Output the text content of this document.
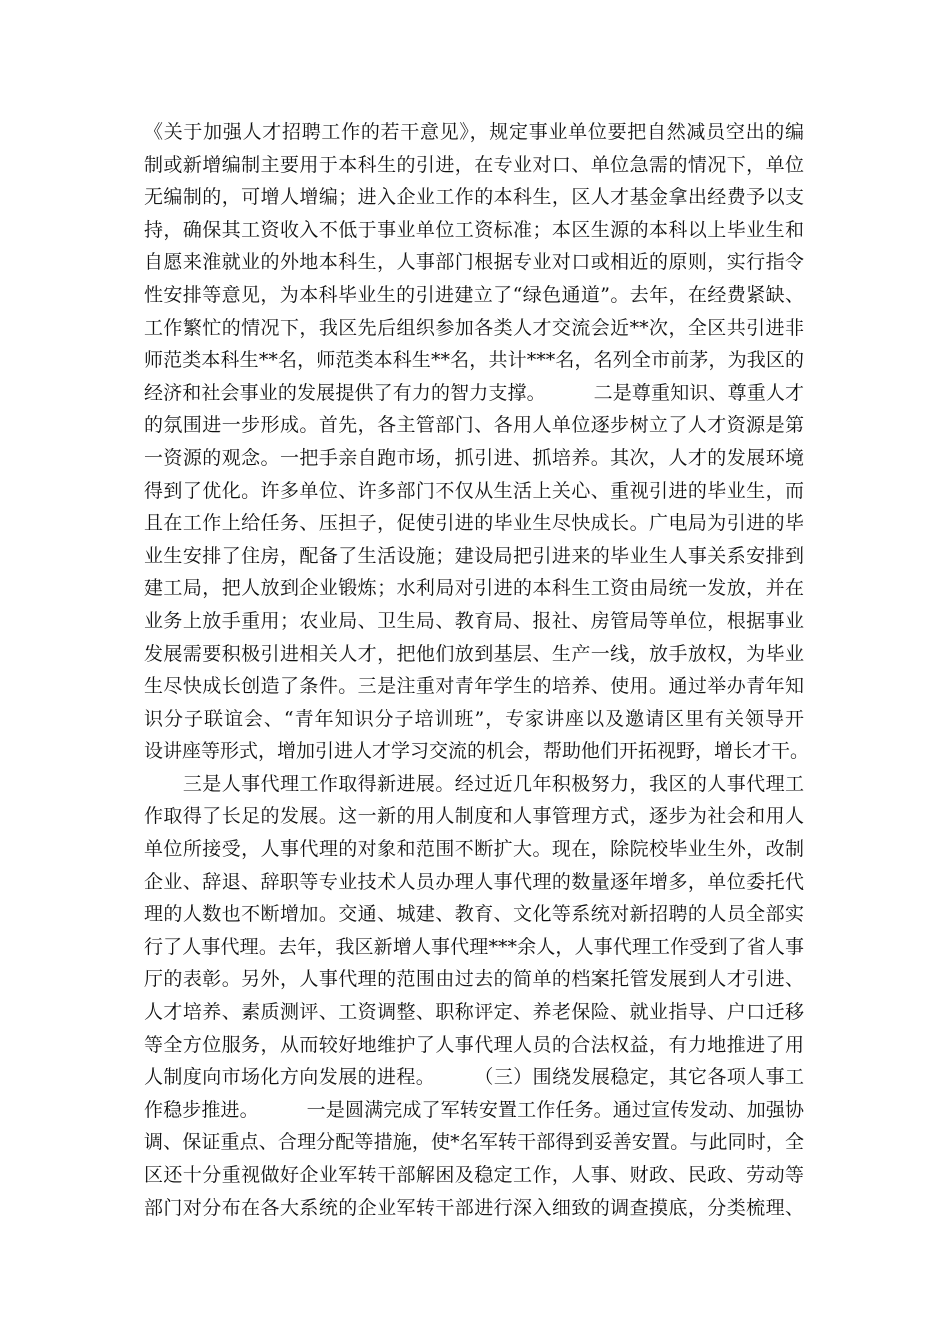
《关于加强人才招聘工作的若干意见》，规定事业单位要把自然减员空出的编
制或新增编制主要用于本科生的引进，在专业对口、单位急需的情况下，单位
无编制的，可增人增编；进入企业工作的本科生，区人才基金拿出经费予以支
持，确保其工资收入不低于事业单位工资标准；本区生源的本科以上毕业生和
自愿来淮就业的外地本科生，人事部门根据专业对口或相近的原则，实行指令
性安排等意见，为本科毕业生的引进建立了“绿色通道”。去年，在经费紧缺、
工作繁忙的情况下，我区先后组织参加各类人才交流会近**次，全区共引进非
师范类本科生**名，师范类本科生**名，共计***名，名列全市前茅，为我区的
经济和社会事业的发展提供了有力的智力支撑。　　　二是尊重知识、尊重人才
的氛围进一步形成。首先，各主管部门、各用人单位逐步树立了人才资源是第
一资源的观念。一把手亲自跑市场，抓引进、抓培养。其次，人才的发展环境
得到了优化。许多单位、许多部门不仅从生活上关心、重视引进的毕业生，而
且在工作上给任务、压担子，促使引进的毕业生尽快成长。广电局为引进的毕
业生安排了住房，配备了生活设施；建设局把引进来的毕业生人事关系安排到
建工局，把人放到企业锻炼；水利局对引进的本科生工资由局统一发放，并在
业务上放手重用；农业局、卫生局、教育局、报社、房管局等单位，根据事业
发展需要积极引进相关人才，把他们放到基层、生产一线，放手放权，为毕业
生尽快成长创造了条件。三是注重对青年学生的培养、使用。通过举办青年知
识分子联谊会、“青年知识分子培训班”，专家讲座以及邀请区里有关领导开
设讲座等形式，增加引进人才学习交流的机会，帮助他们开拓视野，增长才干。
　　三是人事代理工作取得新进展。经过近几年积极努力，我区的人事代理工
作取得了长足的发展。这一新的用人制度和人事管理方式，逐步为社会和用人
单位所接受，人事代理的对象和范围不断扩大。现在，除院校毕业生外，改制
企业、辞退、辞职等专业技术人员办理人事代理的数量逐年增多，单位委托代
理的人数也不断增加。交通、城建、教育、文化等系统对新招聘的人员全部实
行了人事代理。去年，我区新增人事代理***余人，人事代理工作受到了省人事
厅的表彰。另外，人事代理的范围由过去的简单的档案托管发展到人才引进、
人才培养、素质测评、工资调整、职称评定、养老保险、就业指导、户口迁移
等全方位服务，从而较好地维护了人事代理人员的合法权益，有力地推进了用
人制度向市场化方向发展的进程。　　　（三）围绕发展稳定，其它各项人事工
作稳步推进。　　　一是圆满完成了军转安置工作任务。通过宣传发动、加强协
调、保证重点、合理分配等措施，使*名军转干部得到妥善安置。与此同时，全
区还十分重视做好企业军转干部解困及稳定工作，人事、财政、民政、劳动等
部门对分布在各大系统的企业军转干部进行深入细致的调查摸底，分类梳理、
